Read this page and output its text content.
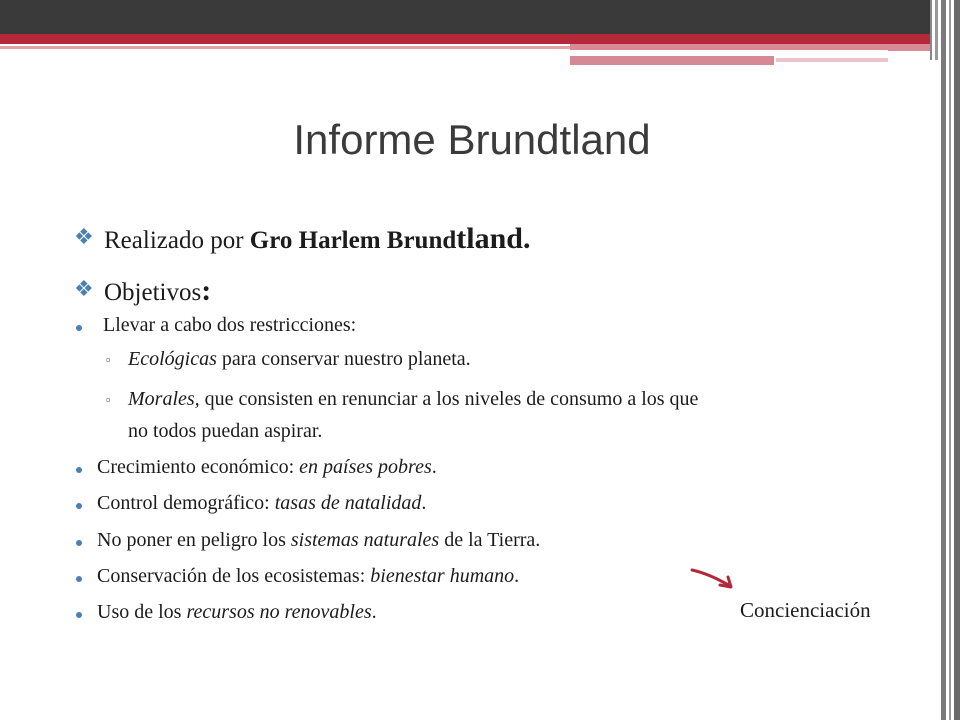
Informe Brundtland
❖ Realizado por Gro Harlem Brundtland.
❖ Objetivos:
Llevar a cabo dos restricciones:
▫ Ecológicas para conservar nuestro planeta.
▫ Morales, que consisten en renunciar a los niveles de consumo a los que
no todos puedan aspirar.
Crecimiento económico: en países pobres.
Control demográfico: tasas de natalidad.
No poner en peligro los sistemas naturales de la Tierra.
Conservación de los ecosistemas: bienestar humano.
Uso de los recursos no renovables.	Concienciación
